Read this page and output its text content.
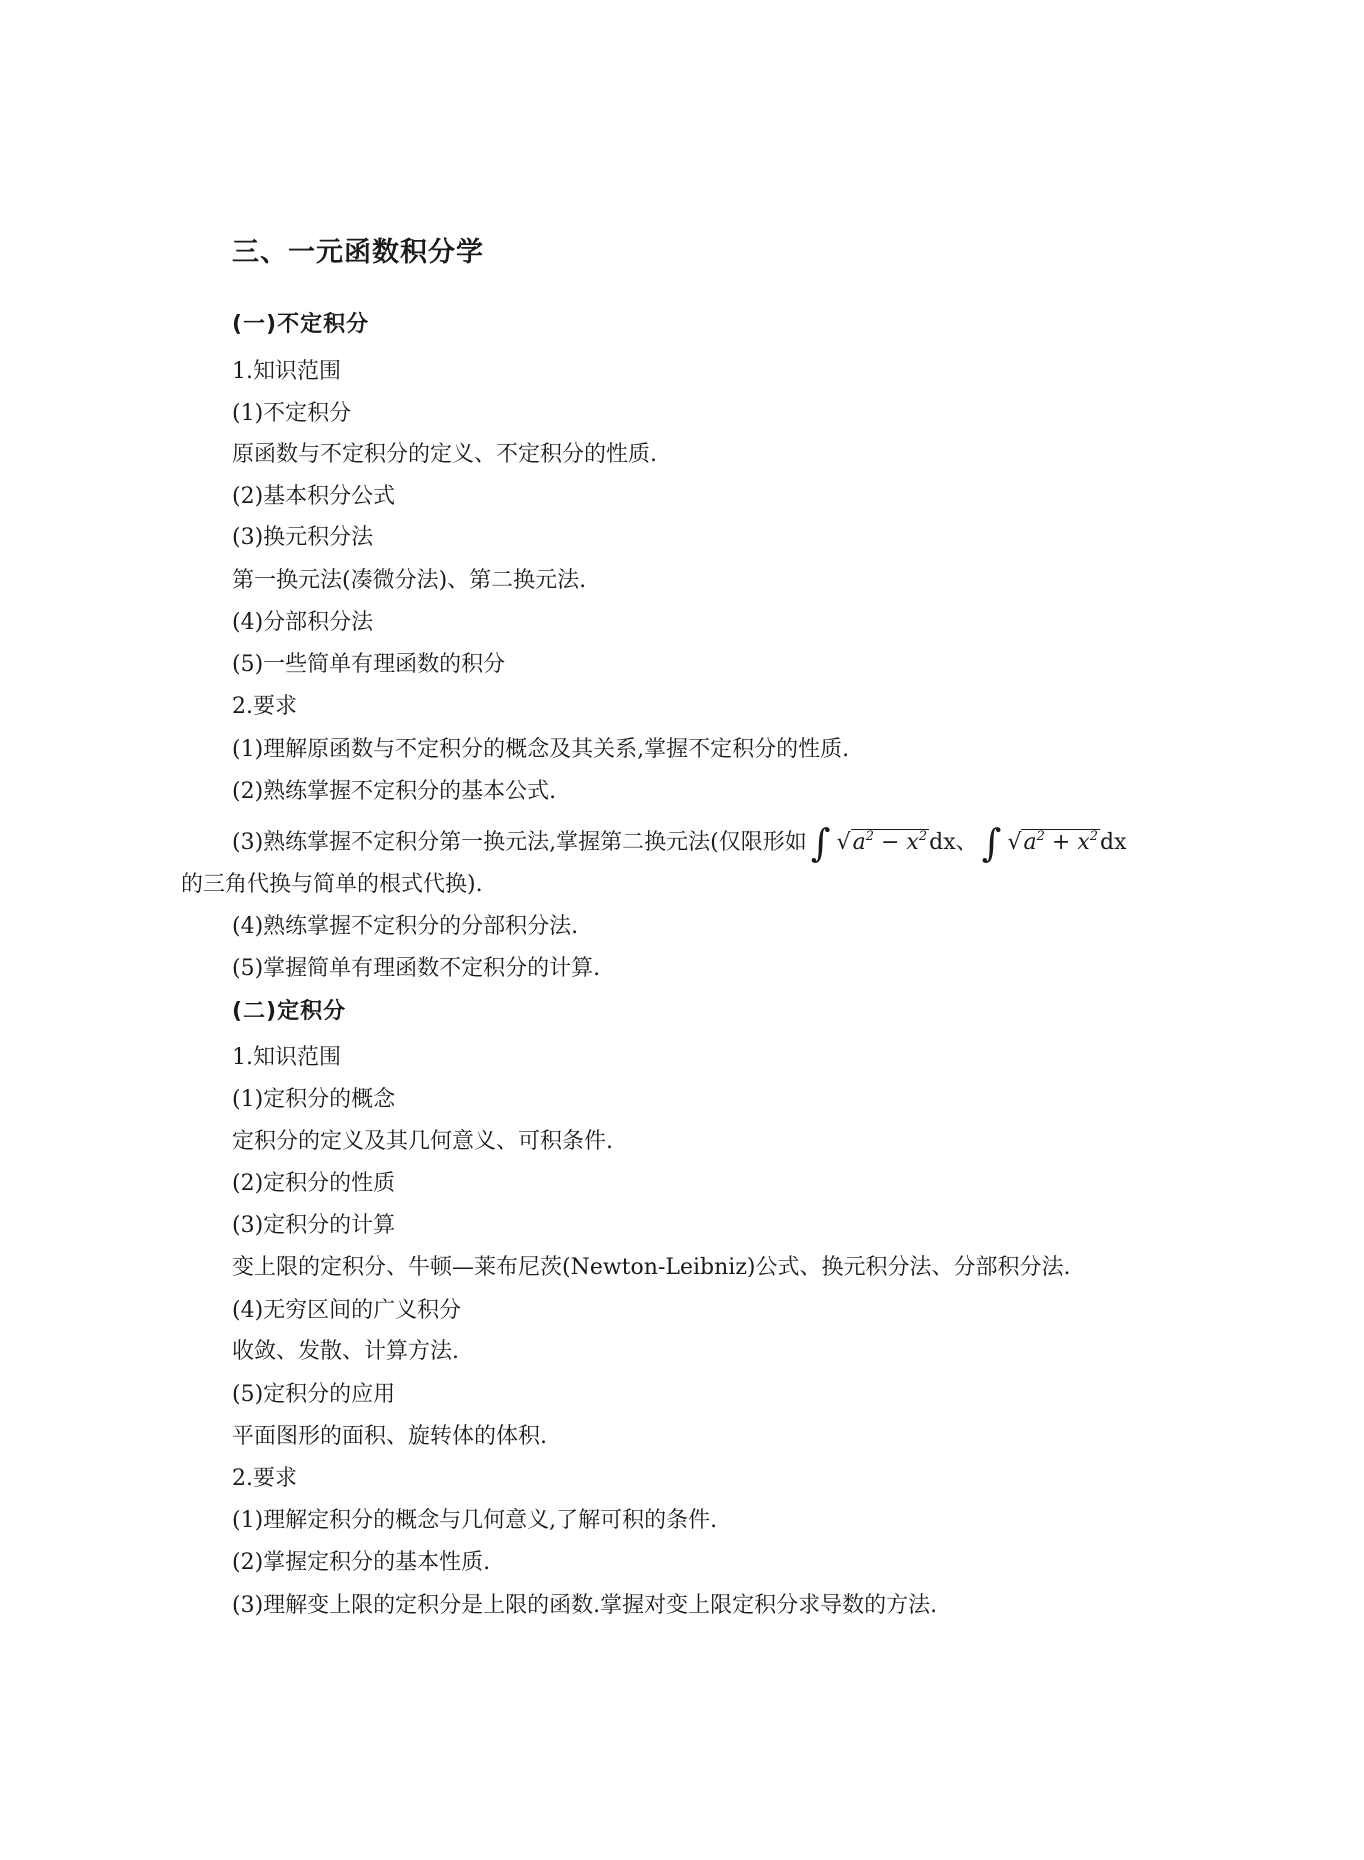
三、一元函数积分学
(一)不定积分
1.知识范围
(1)不定积分
原函数与不定积分的定义、不定积分的性质.
(2)基本积分公式
(3)换元积分法
第一换元法(凑微分法)、第二换元法.
(4)分部积分法
(5)一些简单有理函数的积分
2.要求
(1)理解原函数与不定积分的概念及其关系,掌握不定积分的性质.
(2)熟练掌握不定积分的基本公式.
(3)熟练掌握不定积分第一换元法,掌握第二换元法(仅限形如 ∫ $√a^2 - x^2dx$、 ∫ $√a^2 + x^2dx$
的三角代换与简单的根式代换).
(4)熟练掌握不定积分的分部积分法.
(5)掌握简单有理函数不定积分的计算.
(二)定积分
1.知识范围
(1)定积分的概念
定积分的定义及其几何意义、可积条件.
(2)定积分的性质
(3)定积分的计算
变上限的定积分、牛顿—莱布尼茨(Newton-Leibniz)公式、换元积分法、分部积分法.
(4)无穷区间的广义积分
收敛、发散、计算方法.
(5)定积分的应用
平面图形的面积、旋转体的体积.
2.要求
(1)理解定积分的概念与几何意义,了解可积的条件.
(2)掌握定积分的基本性质.
(3)理解变上限的定积分是上限的函数.掌握对变上限定积分求导数的方法.
